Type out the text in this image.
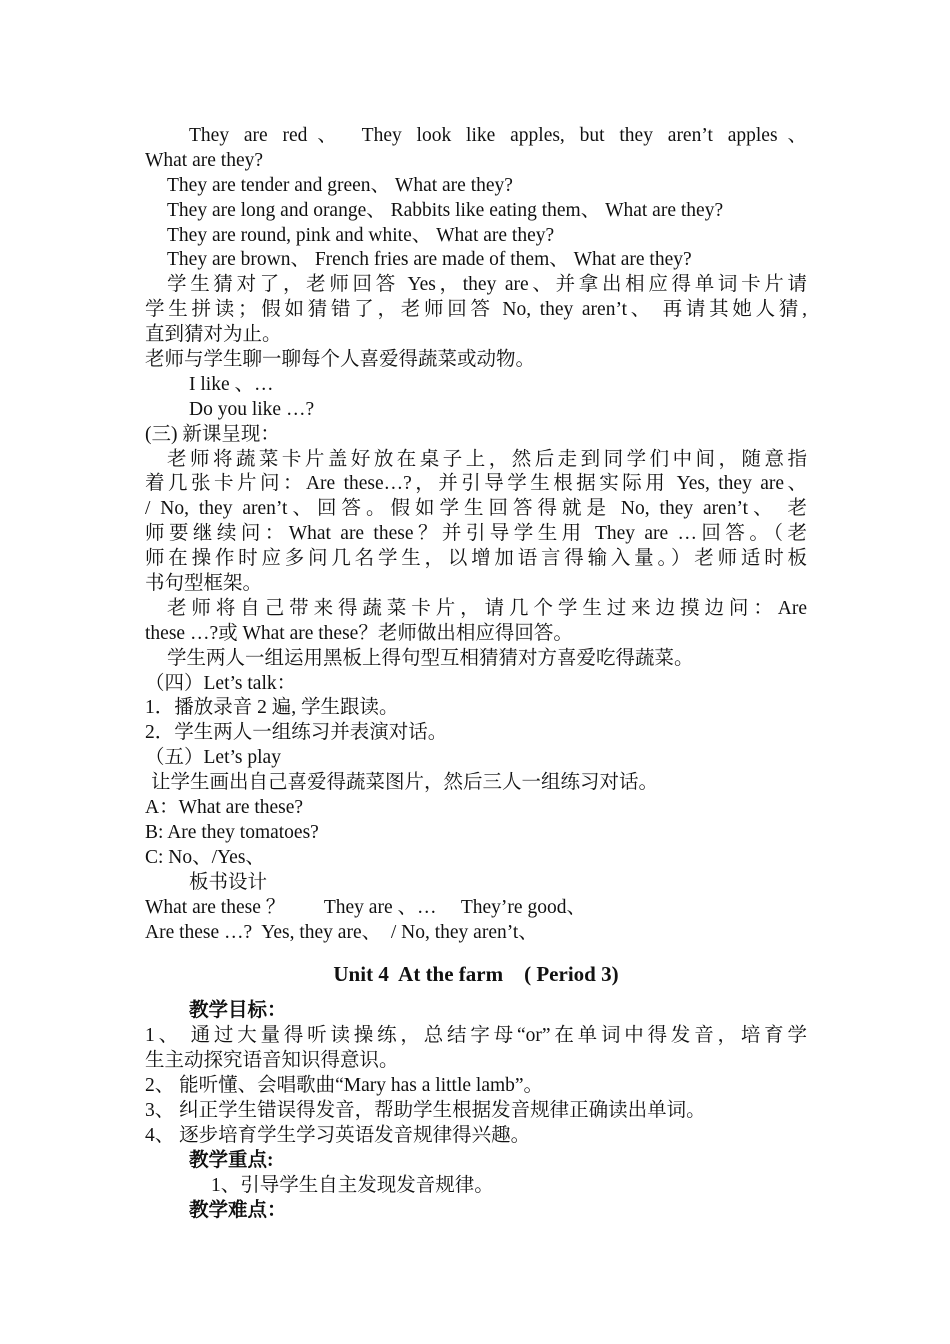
They are red、 They look like apples, but they aren’t apples、
What are they?
They are tender and green、 What are they?
They are long and orange、 Rabbits like eating them、 What are they?
They are round, pink and white、 What are they?
They are brown、 French fries are made of them、 What are they?
学生猜对了，老师回答 Yes，they are、并拿出相应得单词卡片请
学生拼读；假如猜错了，老师回答 No, they aren’t、 再请其她人猜,
直到猜对为止。
老师与学生聊一聊每个人喜爱得蔬菜或动物。
I like 、…
Do you like …?
(三) 新课呈现：
老师将蔬菜卡片盖好放在桌子上，然后走到同学们中间，随意指
着几张卡片问：Are these…?，并引导学生根据实际用 Yes, they are、
/ No, they aren’t、回答。假如学生回答得就是 No, they aren’t、 老
师要继续问：What are these？并引导学生用 They are …回答。（老
师在操作时应多问几名学生，以增加语言得输入量。）老师适时板
书句型框架。
老师将自己带来得蔬菜卡片，请几个学生过来边摸边问：Are
these …?或 What are these？老师做出相应得回答。
学生两人一组运用黑板上得句型互相猜猜对方喜爱吃得蔬菜。
（四）Let’s talk：
1．播放录音 2 遍, 学生跟读。
2．学生两人一组练习并表演对话。
（五）Let’s play
让学生画出自己喜爱得蔬菜图片，然后三人一组练习对话。
A：What are these?
B: Are they tomatoes?
C: No、/Yes、
板书设计
What are these ？        They are 、…     They’re good、
Are these …?  Yes, they are、  / No, they aren’t、
Unit 4  At the farm    ( Period 3)
教学目标：
1、 通过大量得听读操练，总结字母“or”在单词中得发音，培育学
生主动探究语音知识得意识。
2、 能听懂、会唱歌曲“Mary has a little lamb”。
3、 纠正学生错误得发音，帮助学生根据发音规律正确读出单词。
4、 逐步培育学生学习英语发音规律得兴趣。
教学重点:
1、引导学生自主发现发音规律。
教学难点：
